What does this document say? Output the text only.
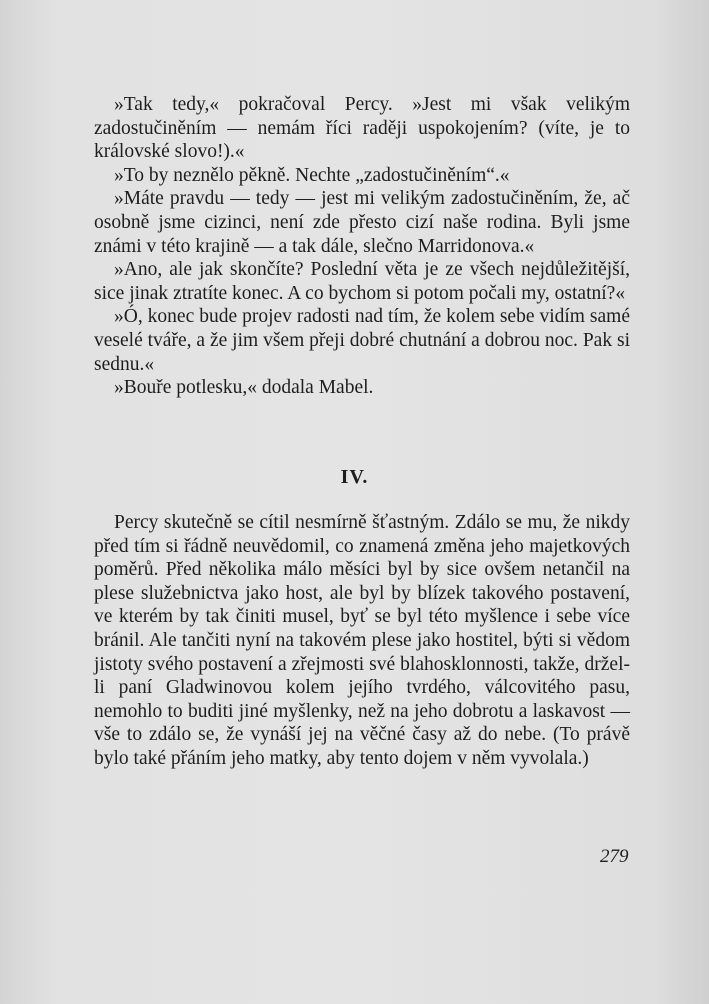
»Tak tedy,« pokračoval Percy. »Jest mi však velikým zadostučiněním — nemám říci raději uspokojením? (víte, je to královské slovo!).«

»To by neznělo pěkně. Nechte „zadostučiněním“.«

»Máte pravdu — tedy — jest mi velikým zadostučiněním, že, ač osobně jsme cizinci, není zde přesto cizí naše rodina. Byli jsme známi v této krajině — a tak dále, slečno Marridonova.«

»Ano, ale jak skončíte? Poslední věta je ze všech nejdůležitější, sice jinak ztratíte konec. A co bychom si potom počali my, ostatní?«

»Ó, konec bude projev radosti nad tím, že kolem sebe vidím samé veselé tváře, a že jim všem přeji dobré chutnání a dobrou noc. Pak si sednu.«

»Bouře potlesku,« dodala Mabel.

IV.

Percy skutečně se cítil nesmírně šťastným. Zdálo se mu, že nikdy před tím si řádně neuvědomil, co znamená změna jeho majetkových poměrů. Před několika málo měsíci byl by sice ovšem netančil na plese služebnictva jako host, ale byl by blízek takového postavení, ve kterém by tak činiti musel, byť se byl této myšlence i sebe více bránil. Ale tančiti nyní na takovém plese jako hostitel, býti si vědom jistoty svého postavení a zřejmosti své blahosklonnosti, takže, držel-li paní Gladwinovou kolem jejího tvrdého, válcovitého pasu, nemohlo to buditi jiné myšlenky, než na jeho dobrotu a laskavost — vše to zdálo se, že vynáší jej na věčné časy až do nebe. (To právě bylo také přáním jeho matky, aby tento dojem v něm vyvolala.)

279
